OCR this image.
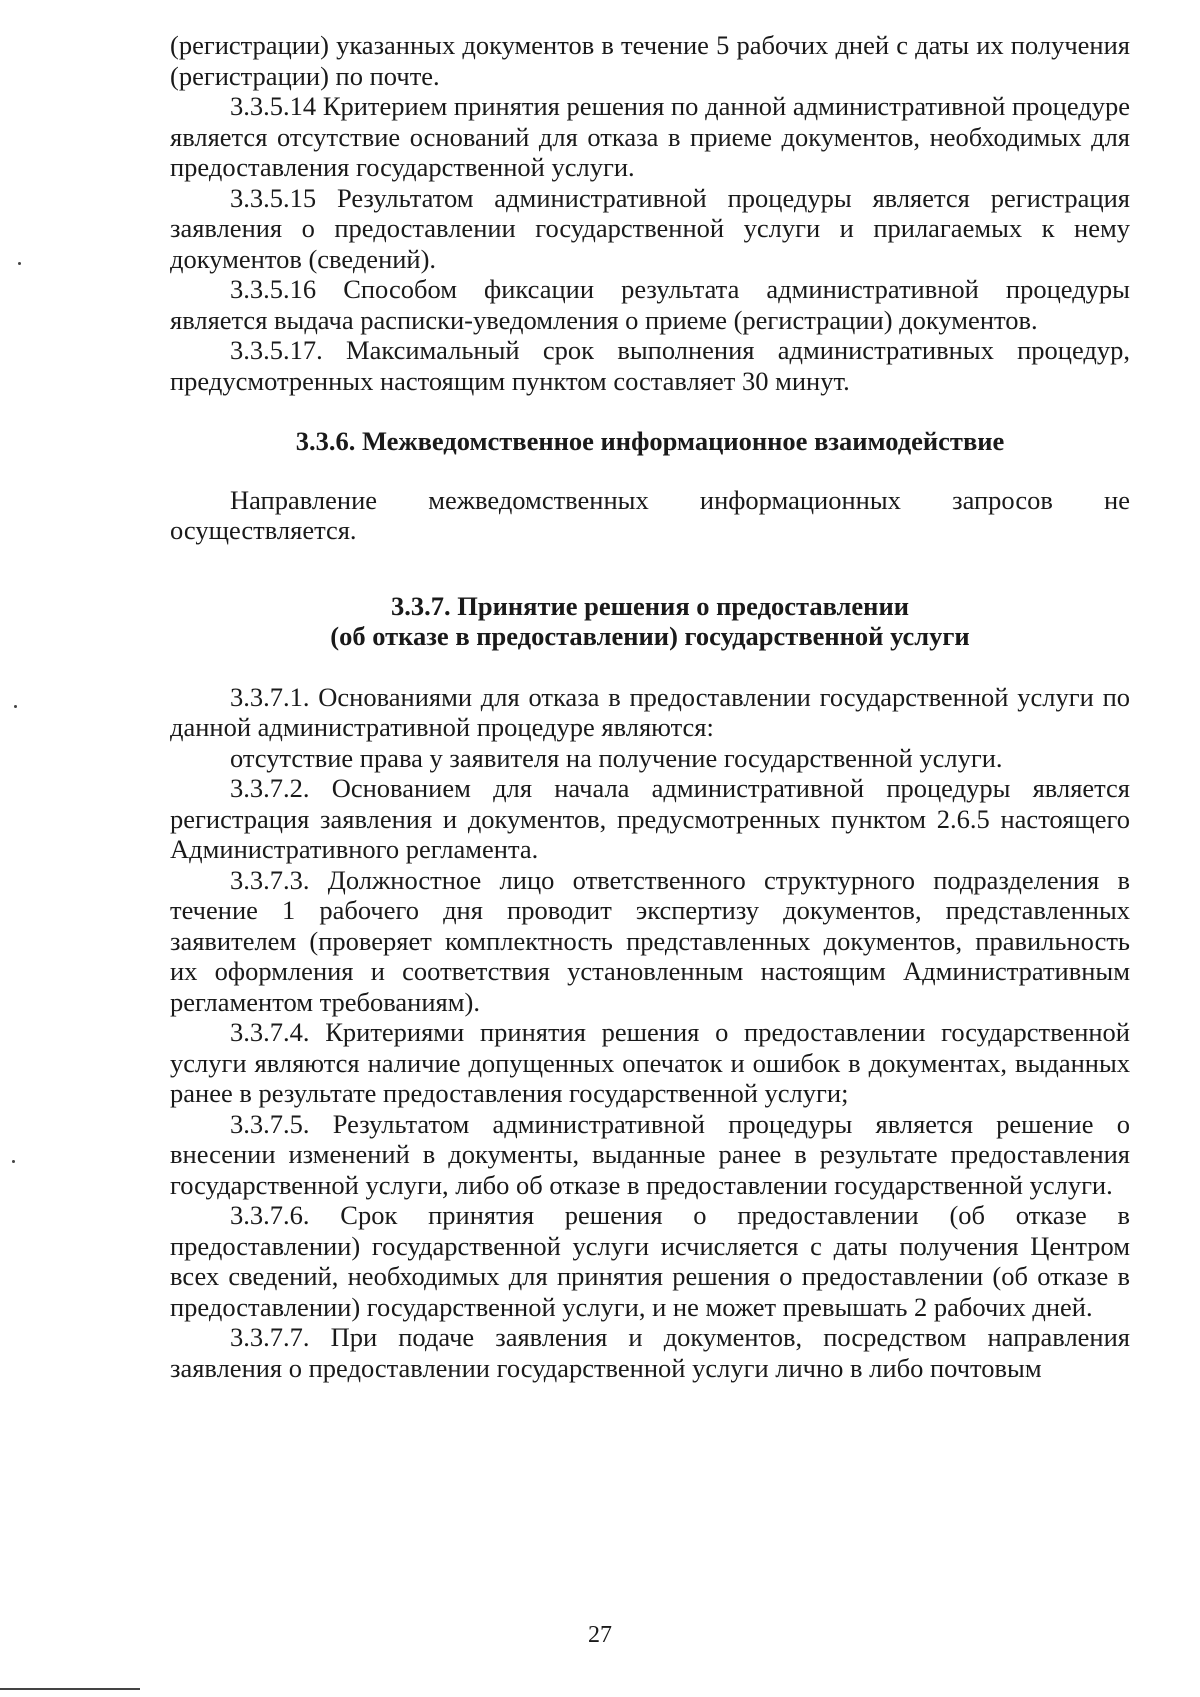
(регистрации) указанных документов в течение 5 рабочих дней с даты их получения (регистрации) по почте.

3.3.5.14 Критерием принятия решения по данной административной процедуре является отсутствие оснований для отказа в приеме документов, необходимых для предоставления государственной услуги.

3.3.5.15 Результатом административной процедуры является регистрация заявления о предоставлении государственной услуги и прилагаемых к нему документов (сведений).

3.3.5.16 Способом фиксации результата административной процедуры является выдача расписки-уведомления о приеме (регистрации) документов.

3.3.5.17. Максимальный срок выполнения административных процедур, предусмотренных настоящим пунктом составляет 30 минут.

3.3.6. Межведомственное информационное взаимодействие

Направление межведомственных информационных запросов не осуществляется.

3.3.7. Принятие решения о предоставлении

(об отказе в предоставлении) государственной услуги

3.3.7.1. Основаниями для отказа в предоставлении государственной услуги по данной административной процедуре являются:

отсутствие права у заявителя на получение государственной услуги.

3.3.7.2. Основанием для начала административной процедуры является регистрация заявления и документов, предусмотренных пунктом 2.6.5 настоящего Административного регламента.

3.3.7.3. Должностное лицо ответственного структурного подразделения в течение 1 рабочего дня проводит экспертизу документов, представленных заявителем (проверяет комплектность представленных документов, правильность их оформления и соответствия установленным настоящим Административным регламентом требованиям).

3.3.7.4. Критериями принятия решения о предоставлении государственной услуги являются наличие допущенных опечаток и ошибок в документах, выданных ранее в результате предоставления государственной услуги;

3.3.7.5. Результатом административной процедуры является решение о внесении изменений в документы, выданные ранее в результате предоставления государственной услуги, либо об отказе в предоставлении государственной услуги.

3.3.7.6. Срок принятия решения о предоставлении (об отказе в предоставлении) государственной услуги исчисляется с даты получения Центром всех сведений, необходимых для принятия решения о предоставлении (об отказе в предоставлении) государственной услуги, и не может превышать 2 рабочих дней.

3.3.7.7. При подаче заявления и документов, посредством направления заявления о предоставлении государственной услуги лично в либо почтовым

27
